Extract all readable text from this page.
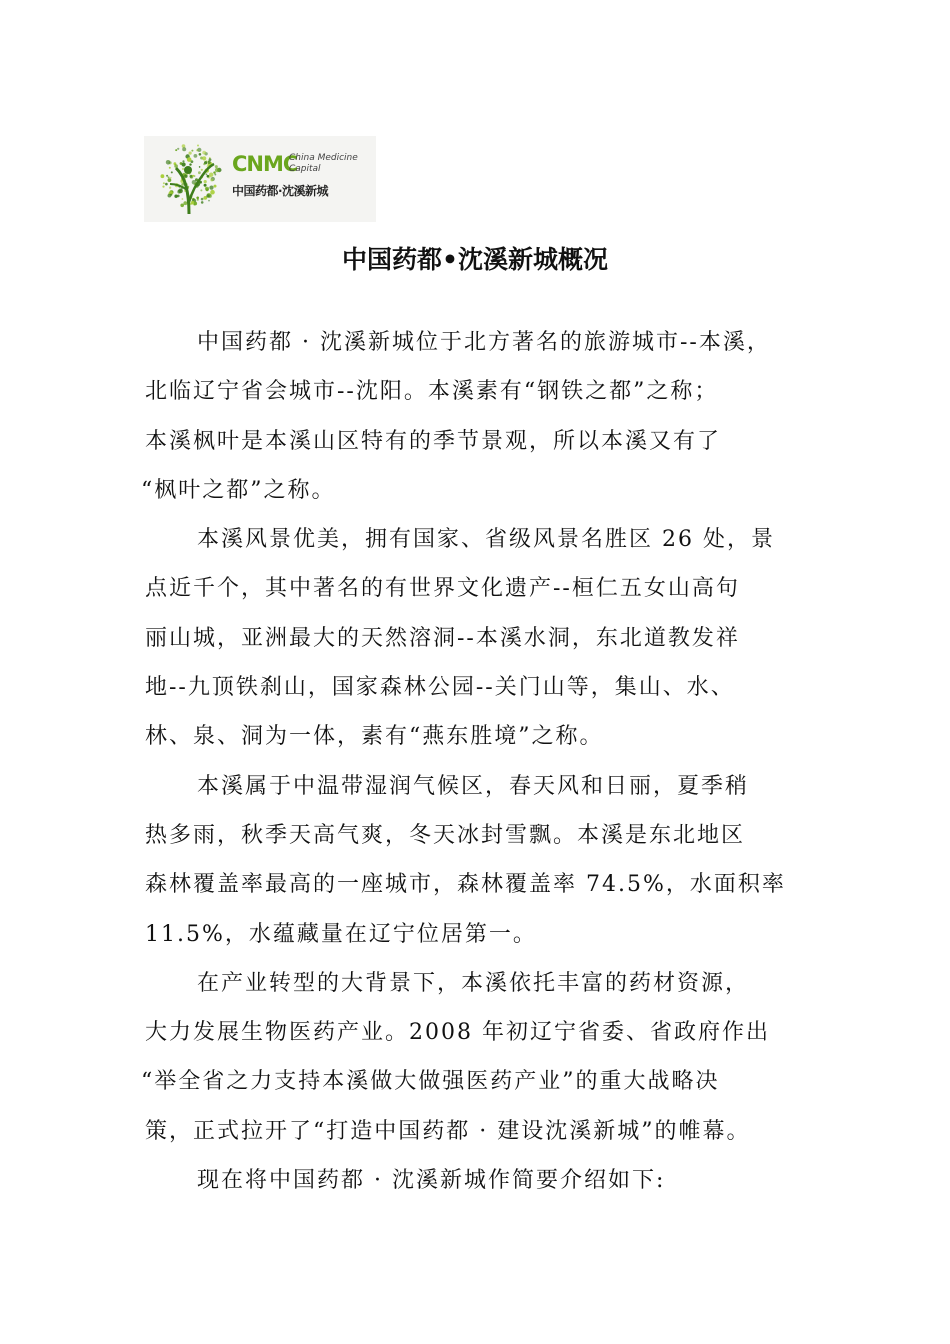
CNMC
China Medicine
Capital
中国药都·沈溪新城
中国药都•沈溪新城概况

中国药都 · 沈溪新城位于北方著名的旅游城市--本溪，
北临辽宁省会城市--沈阳。本溪素有“钢铁之都”之称；
本溪枫叶是本溪山区特有的季节景观，所以本溪又有了
“枫叶之都”之称。

本溪风景优美，拥有国家、省级风景名胜区 26 处，景
点近千个，其中著名的有世界文化遗产--桓仁五女山高句
丽山城，亚洲最大的天然溶洞--本溪水洞，东北道教发祥
地--九顶铁刹山，国家森林公园--关门山等，集山、水、
林、泉、洞为一体，素有“燕东胜境”之称。

本溪属于中温带湿润气候区，春天风和日丽，夏季稍
热多雨，秋季天高气爽，冬天冰封雪飘。本溪是东北地区
森林覆盖率最高的一座城市，森林覆盖率 74.5%，水面积率
11.5%，水蕴藏量在辽宁位居第一。

在产业转型的大背景下，本溪依托丰富的药材资源，
大力发展生物医药产业。2008 年初辽宁省委、省政府作出
“举全省之力支持本溪做大做强医药产业”的重大战略决
策，正式拉开了“打造中国药都 · 建设沈溪新城”的帷幕。

现在将中国药都 · 沈溪新城作简要介绍如下:
